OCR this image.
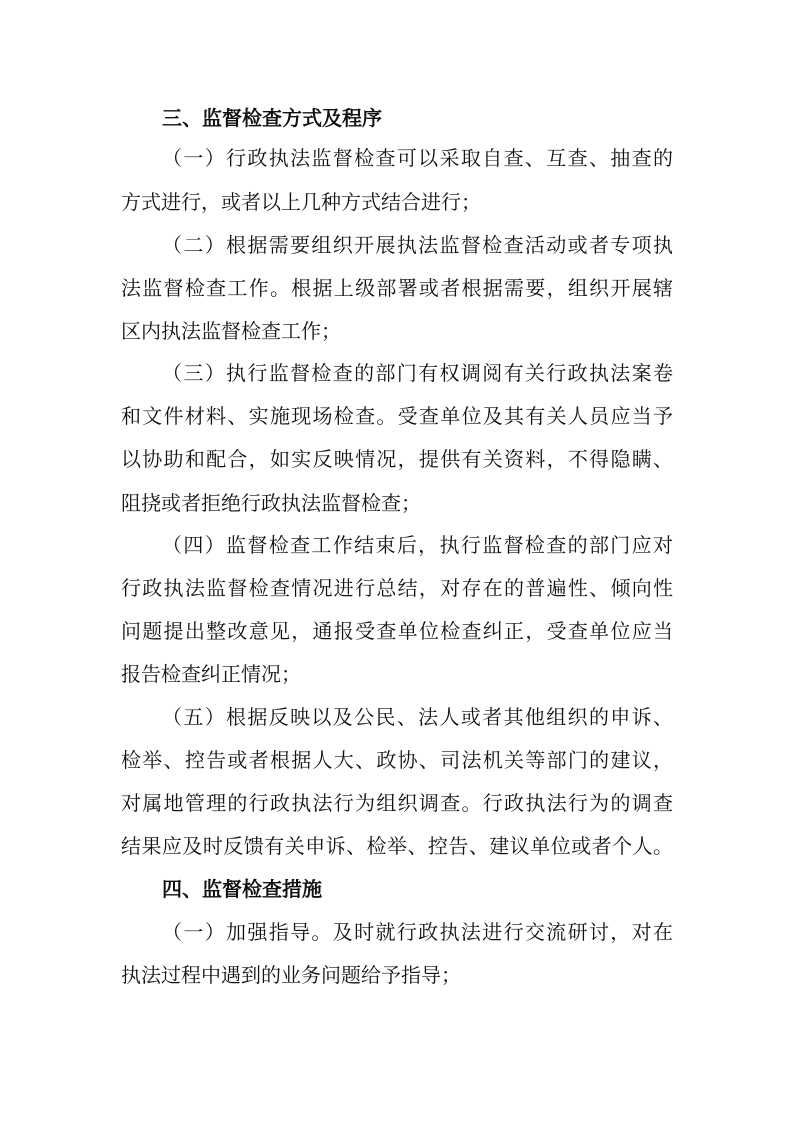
三、监督检查方式及程序
（一）行政执法监督检查可以采取自查、互查、抽查的
方式进行，或者以上几种方式结合进行；
（二）根据需要组织开展执法监督检查活动或者专项执
法监督检查工作。根据上级部署或者根据需要，组织开展辖
区内执法监督检查工作；
（三）执行监督检查的部门有权调阅有关行政执法案卷
和文件材料、实施现场检查。受查单位及其有关人员应当予
以协助和配合，如实反映情况，提供有关资料，不得隐瞒、
阻挠或者拒绝行政执法监督检查；
（四）监督检查工作结束后，执行监督检查的部门应对
行政执法监督检查情况进行总结，对存在的普遍性、倾向性
问题提出整改意见，通报受查单位检查纠正，受查单位应当
报告检查纠正情况；
（五）根据反映以及公民、法人或者其他组织的申诉、
检举、控告或者根据人大、政协、司法机关等部门的建议，
对属地管理的行政执法行为组织调查。行政执法行为的调查
结果应及时反馈有关申诉、检举、控告、建议单位或者个人。
四、监督检查措施
（一）加强指导。及时就行政执法进行交流研讨，对在
执法过程中遇到的业务问题给予指导；
